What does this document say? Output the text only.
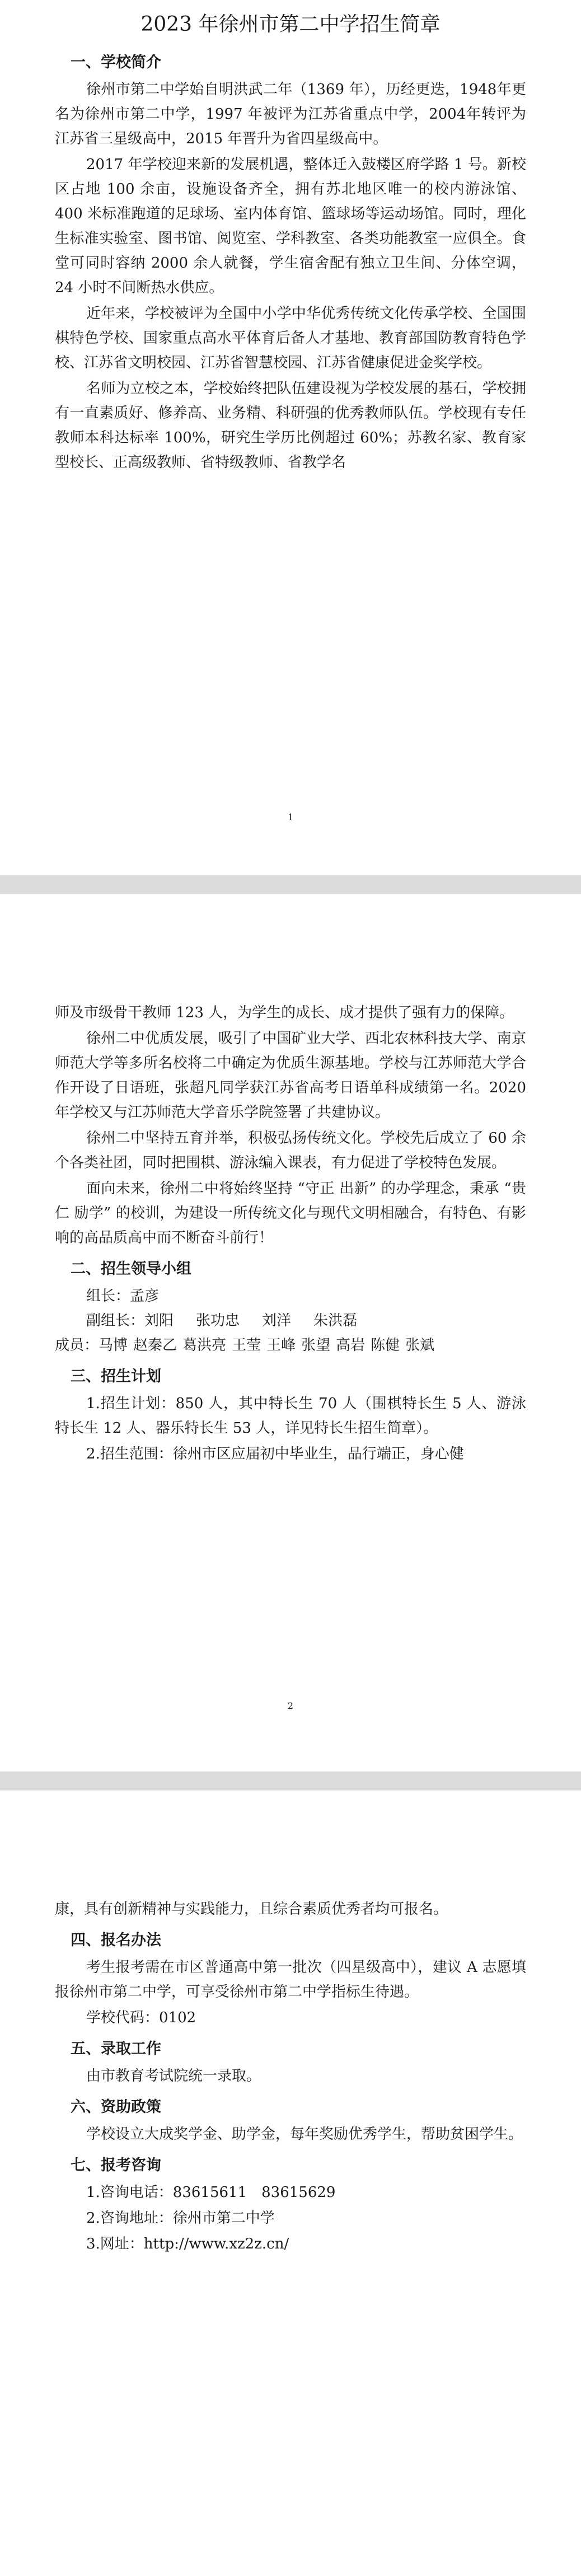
2023 年徐州市第二中学招生简章
一、学校简介

徐州市第二中学始自明洪武二年（1369 年），历经更迭，1948年更名为徐州市第二中学，1997 年被评为江苏省重点中学，2004年转评为江苏省三星级高中，2015 年晋升为省四星级高中。

2017 年学校迎来新的发展机遇，整体迁入鼓楼区府学路 1 号。新校区占地 100 余亩，设施设备齐全，拥有苏北地区唯一的校内游泳馆、400 米标准跑道的足球场、室内体育馆、篮球场等运动场馆。同时，理化生标准实验室、图书馆、阅览室、学科教室、各类功能教室一应俱全。食堂可同时容纳 2000 余人就餐，学生宿舍配有独立卫生间、分体空调，24 小时不间断热水供应。

近年来，学校被评为全国中小学中华优秀传统文化传承学校、全国围棋特色学校、国家重点高水平体育后备人才基地、教育部国防教育特色学校、江苏省文明校园、江苏省智慧校园、江苏省健康促进金奖学校。

名师为立校之本，学校始终把队伍建设视为学校发展的基石，学校拥有一直素质好、修养高、业务精、科研强的优秀教师队伍。学校现有专任教师本科达标率 100%，研究生学历比例超过 60%；苏教名家、教育家型校长、正高级教师、省特级教师、省教学名

1

师及市级骨干教师 123 人，为学生的成长、成才提供了强有力的保障。

徐州二中优质发展，吸引了中国矿业大学、西北农林科技大学、南京师范大学等多所名校将二中确定为优质生源基地。学校与江苏师范大学合作开设了日语班，张超凡同学获江苏省高考日语单科成绩第一名。2020 年学校又与江苏师范大学音乐学院签署了共建协议。

徐州二中坚持五育并举，积极弘扬传统文化。学校先后成立了 60 余个各类社团，同时把围棋、游泳编入课表，有力促进了学校特色发展。

面向未来，徐州二中将始终坚持 “守正 出新” 的办学理念，秉承 “贵仁 励学” 的校训，为建设一所传统文化与现代文明相融合，有特色、有影响的高品质高中而不断奋斗前行！

二、招生领导小组

组长：孟彦

副组长：刘阳 张功忠 刘洋 朱洪磊

成员：马博 赵秦乙 葛洪亮 王莹 王峰 张望 高岩 陈健 张斌

三、招生计划

1.招生计划：850 人，其中特长生 70 人（围棋特长生 5 人、游泳特长生 12 人、器乐特长生 53 人，详见特长生招生简章）。

2.招生范围：徐州市区应届初中毕业生，品行端正，身心健

2

康，具有创新精神与实践能力，且综合素质优秀者均可报名。

四、报名办法

考生报考需在市区普通高中第一批次（四星级高中），建议 A 志愿填报徐州市第二中学，可享受徐州市第二中学指标生待遇。

学校代码：0102

五、录取工作

由市教育考试院统一录取。

六、资助政策

学校设立大成奖学金、助学金，每年奖励优秀学生，帮助贫困学生。

七、报考咨询

1.咨询电话：83615611　83615629

2.咨询地址：徐州市第二中学

3.网址：http://www.xz2z.cn/
